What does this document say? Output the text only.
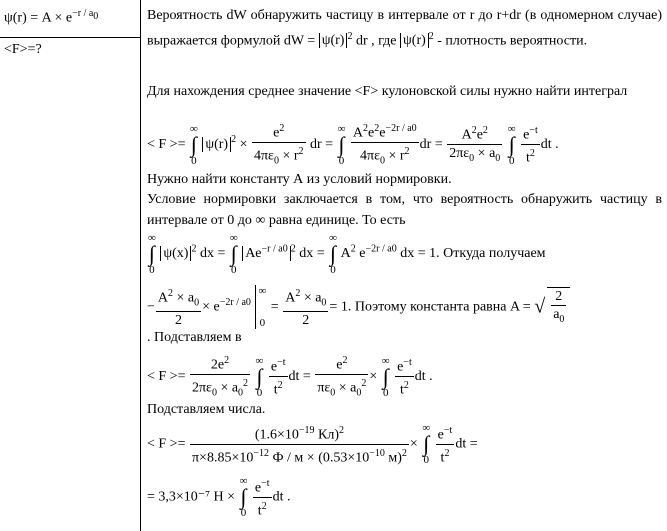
$\psi(r) = A \times e^{-r / a_0}$
<F>=?
Вероятность dW обнаружить частицу в интервале от r до r+dr (в одномерном случае) выражается формулой dW = ψ(r) $^2$ dr , где ψ(r) $^2$ - плотность вероятности.
Для нахождения среднее значение <F> кулоновской силы нужно найти интеграл
< F >= ∞
∫
0 ψ(r) $^2 \times \frac{e^2}{4\pi\varepsilon_0 \times r^2}$ dr = ∞
∫
$0 \frac{A^2e^2e^{-2r / a0}}{4\pi\varepsilon_0 \times r^2}$ dr = $\frac{A^2e^2}{2\pi\varepsilon_0 \times a_0}$ ∞
∫
$0 \frac{e^{-t}}{t^2}$ dt .
Нужно найти константу А из условий нормировки.
Условие нормировки заключается в том, что вероятность обнаружить частицу в интервале от 0 до ∞ равна единице. То есть
∞
∫
0 ψ(x) $^2$ dx = ∞
∫
0 $Ae^{-r / a0}$ $^2$ dx = ∞
∫
0 $A^2$ $e^{-2r / a0}$ dx = 1. Откуда получаем
− $\frac{A^2 \times a_0}{2} \times e^{-2r / a0}$ ∞

$0 = \frac{A^2 \times a_0}{2} = 1$. Поэтому константа равна A = √ $\frac{2}{a_0}$
. Подставляем в
< $F >= \frac{2e^2}{2\pi\varepsilon_0 \times a_0^2}$ ∞
∫
$0 \frac{e^{-t}}{t^2}$ dt = $\frac{e^2}{\pi\varepsilon_0 \times a_0^2}$ × ∞
∫
$0 \frac{e^{-t}}{t^2}$ dt .
Подставляем числа.
< F >=
($1.6\times 10^{-19}$ Кл)$^2$
$\pi\times 8.85\times 10^{-12}$ $Ф / м \times (0.53\times 10^{-10}$ м)$^2$
× ∞
∫
$0 \frac{e^{-t}}{t^2}$ dt =
= 3,3×10⁻⁷ Н × ∞
∫
$0 \frac{e^{-t}}{t^2}$ dt .
